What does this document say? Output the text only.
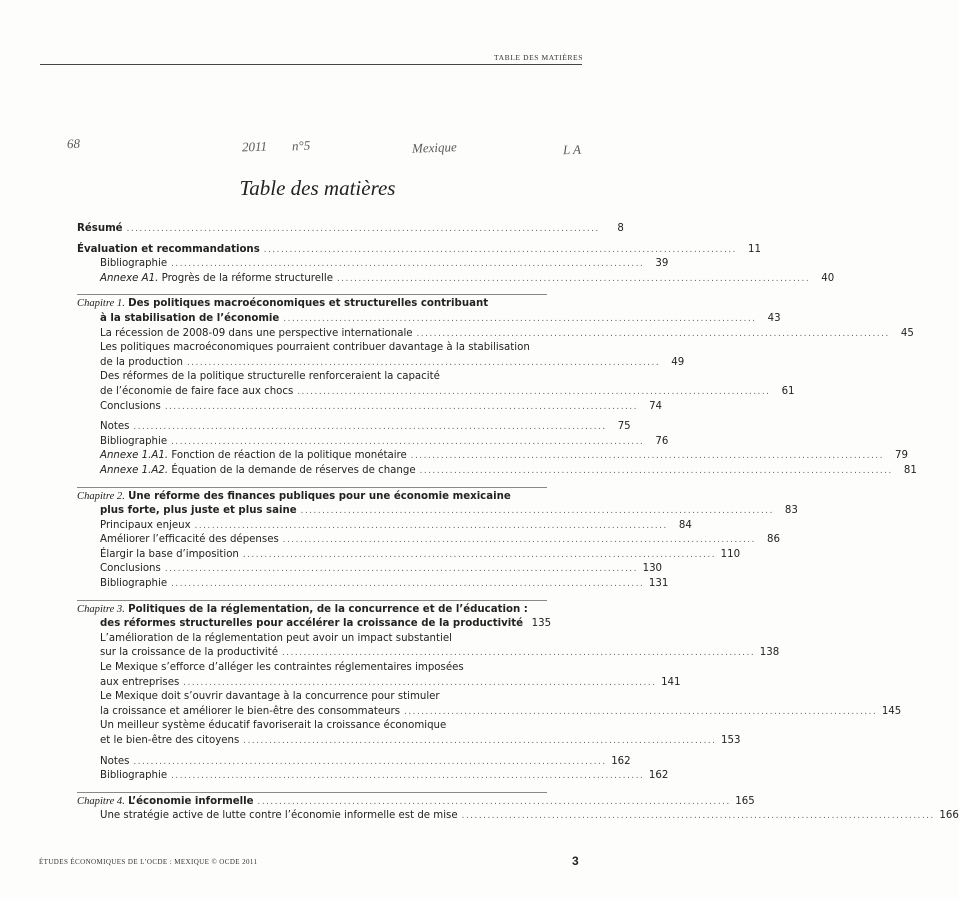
TABLE DES MATIÈRES
68	2011 n°5	Mexique	L A
Table des matières
Résumé ..............................................................................................................	8
Évaluation et recommandations ..............................................................................................................	11
Bibliographie ..............................................................................................................	39
Annexe A1. Progrès de la réforme structurelle ..............................................................................................................	40
Chapitre 1. Des politiques macroéconomiques et structurelles contribuant
à la stabilisation de l’économie ..............................................................................................................	43
La récession de 2008-09 dans une perspective internationale ..............................................................................................................	45
Les politiques macroéconomiques pourraient contribuer davantage à la stabilisation
de la production ..............................................................................................................	49
Des réformes de la politique structurelle renforceraient la capacité
de l’économie de faire face aux chocs ..............................................................................................................	61
Conclusions ..............................................................................................................	74
Notes ..............................................................................................................	75
Bibliographie ..............................................................................................................	76
Annexe 1.A1. Fonction de réaction de la politique monétaire ..............................................................................................................	79
Annexe 1.A2. Équation de la demande de réserves de change ..............................................................................................................	81
Chapitre 2. Une réforme des finances publiques pour une économie mexicaine
plus forte, plus juste et plus saine ..............................................................................................................	83
Principaux enjeux ..............................................................................................................	84
Améliorer l’efficacité des dépenses ..............................................................................................................	86
Élargir la base d’imposition .............................................................................................................. 110
Conclusions .............................................................................................................. 130
Bibliographie .............................................................................................................. 131
Chapitre 3. Politiques de la réglementation, de la concurrence et de l’éducation :
des réformes structurelles pour accélérer la croissance de la productivité 135
L’amélioration de la réglementation peut avoir un impact substantiel
sur la croissance de la productivité .............................................................................................................. 138
Le Mexique s’efforce d’alléger les contraintes réglementaires imposées
aux entreprises .............................................................................................................. 141
Le Mexique doit s’ouvrir davantage à la concurrence pour stimuler
la croissance et améliorer le bien-être des consommateurs .............................................................................................................. 145
Un meilleur système éducatif favoriserait la croissance économique
et le bien-être des citoyens .............................................................................................................. 153
Notes .............................................................................................................. 162
Bibliographie .............................................................................................................. 162
Chapitre 4. L’économie informelle .............................................................................................................. 165
Une stratégie active de lutte contre l’économie informelle est de mise .............................................................................................................. 166
ÉTUDES ÉCONOMIQUES DE L’OCDE : MEXIQUE © OCDE 2011	3
